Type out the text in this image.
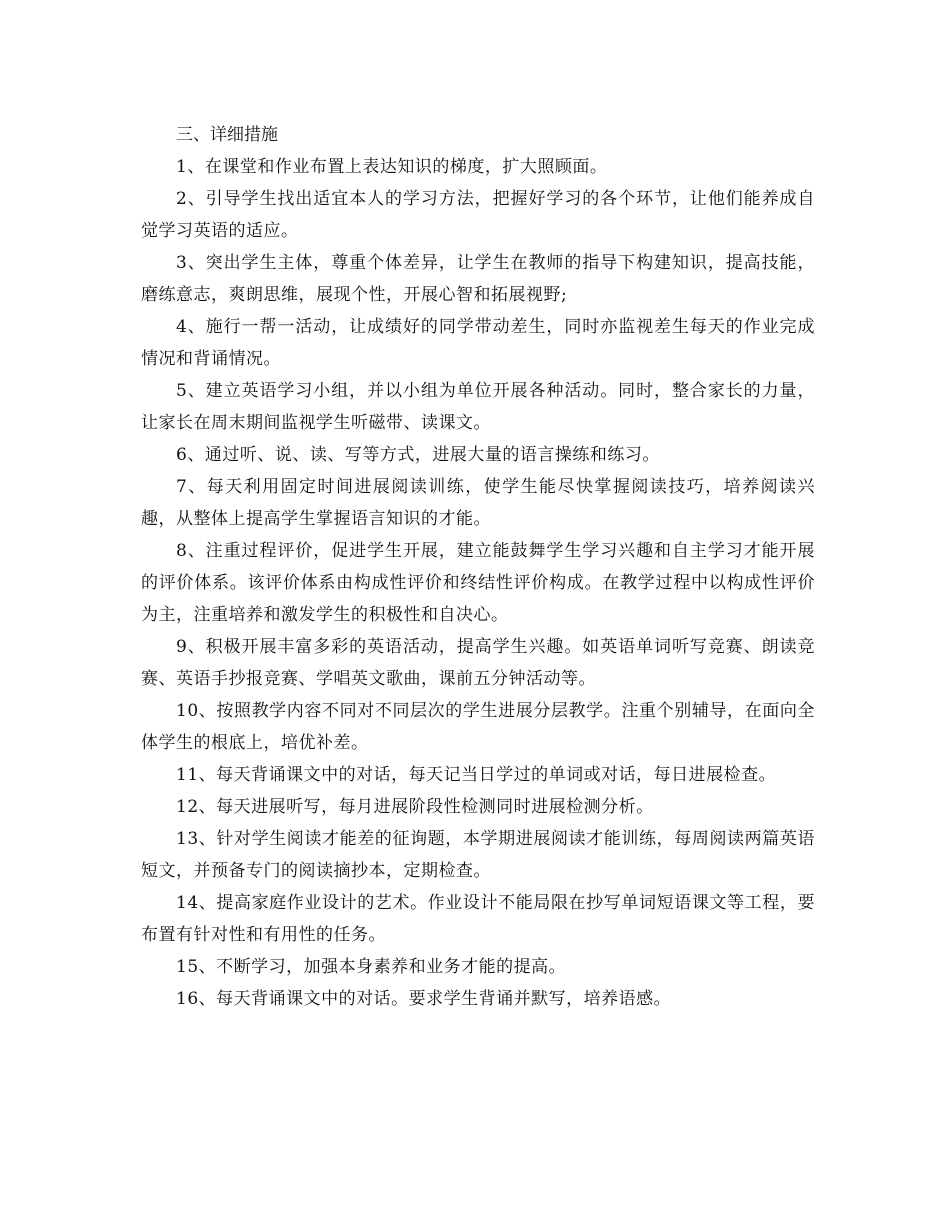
三、详细措施

1、在课堂和作业布置上表达知识的梯度，扩大照顾面。

2、引导学生找出适宜本人的学习方法，把握好学习的各个环节，让他们能养成自觉学习英语的适应。

3、突出学生主体，尊重个体差异，让学生在教师的指导下构建知识，提高技能，磨练意志，爽朗思维，展现个性，开展心智和拓展视野;

4、施行一帮一活动，让成绩好的同学带动差生，同时亦监视差生每天的作业完成情况和背诵情况。

5、建立英语学习小组，并以小组为单位开展各种活动。同时，整合家长的力量，让家长在周末期间监视学生听磁带、读课文。

6、通过听、说、读、写等方式，进展大量的语言操练和练习。

7、每天利用固定时间进展阅读训练，使学生能尽快掌握阅读技巧，培养阅读兴趣，从整体上提高学生掌握语言知识的才能。

8、注重过程评价，促进学生开展，建立能鼓舞学生学习兴趣和自主学习才能开展的评价体系。该评价体系由构成性评价和终结性评价构成。在教学过程中以构成性评价为主，注重培养和激发学生的积极性和自决心。

9、积极开展丰富多彩的英语活动，提高学生兴趣。如英语单词听写竞赛、朗读竞赛、英语手抄报竞赛、学唱英文歌曲，课前五分钟活动等。

10、按照教学内容不同对不同层次的学生进展分层教学。注重个别辅导，在面向全体学生的根底上，培优补差。

11、每天背诵课文中的对话，每天记当日学过的单词或对话，每日进展检查。

12、每天进展听写，每月进展阶段性检测同时进展检测分析。

13、针对学生阅读才能差的征询题，本学期进展阅读才能训练，每周阅读两篇英语短文，并预备专门的阅读摘抄本，定期检查。

14、提高家庭作业设计的艺术。作业设计不能局限在抄写单词短语课文等工程，要布置有针对性和有用性的任务。

15、不断学习，加强本身素养和业务才能的提高。

16、每天背诵课文中的对话。要求学生背诵并默写，培养语感。
